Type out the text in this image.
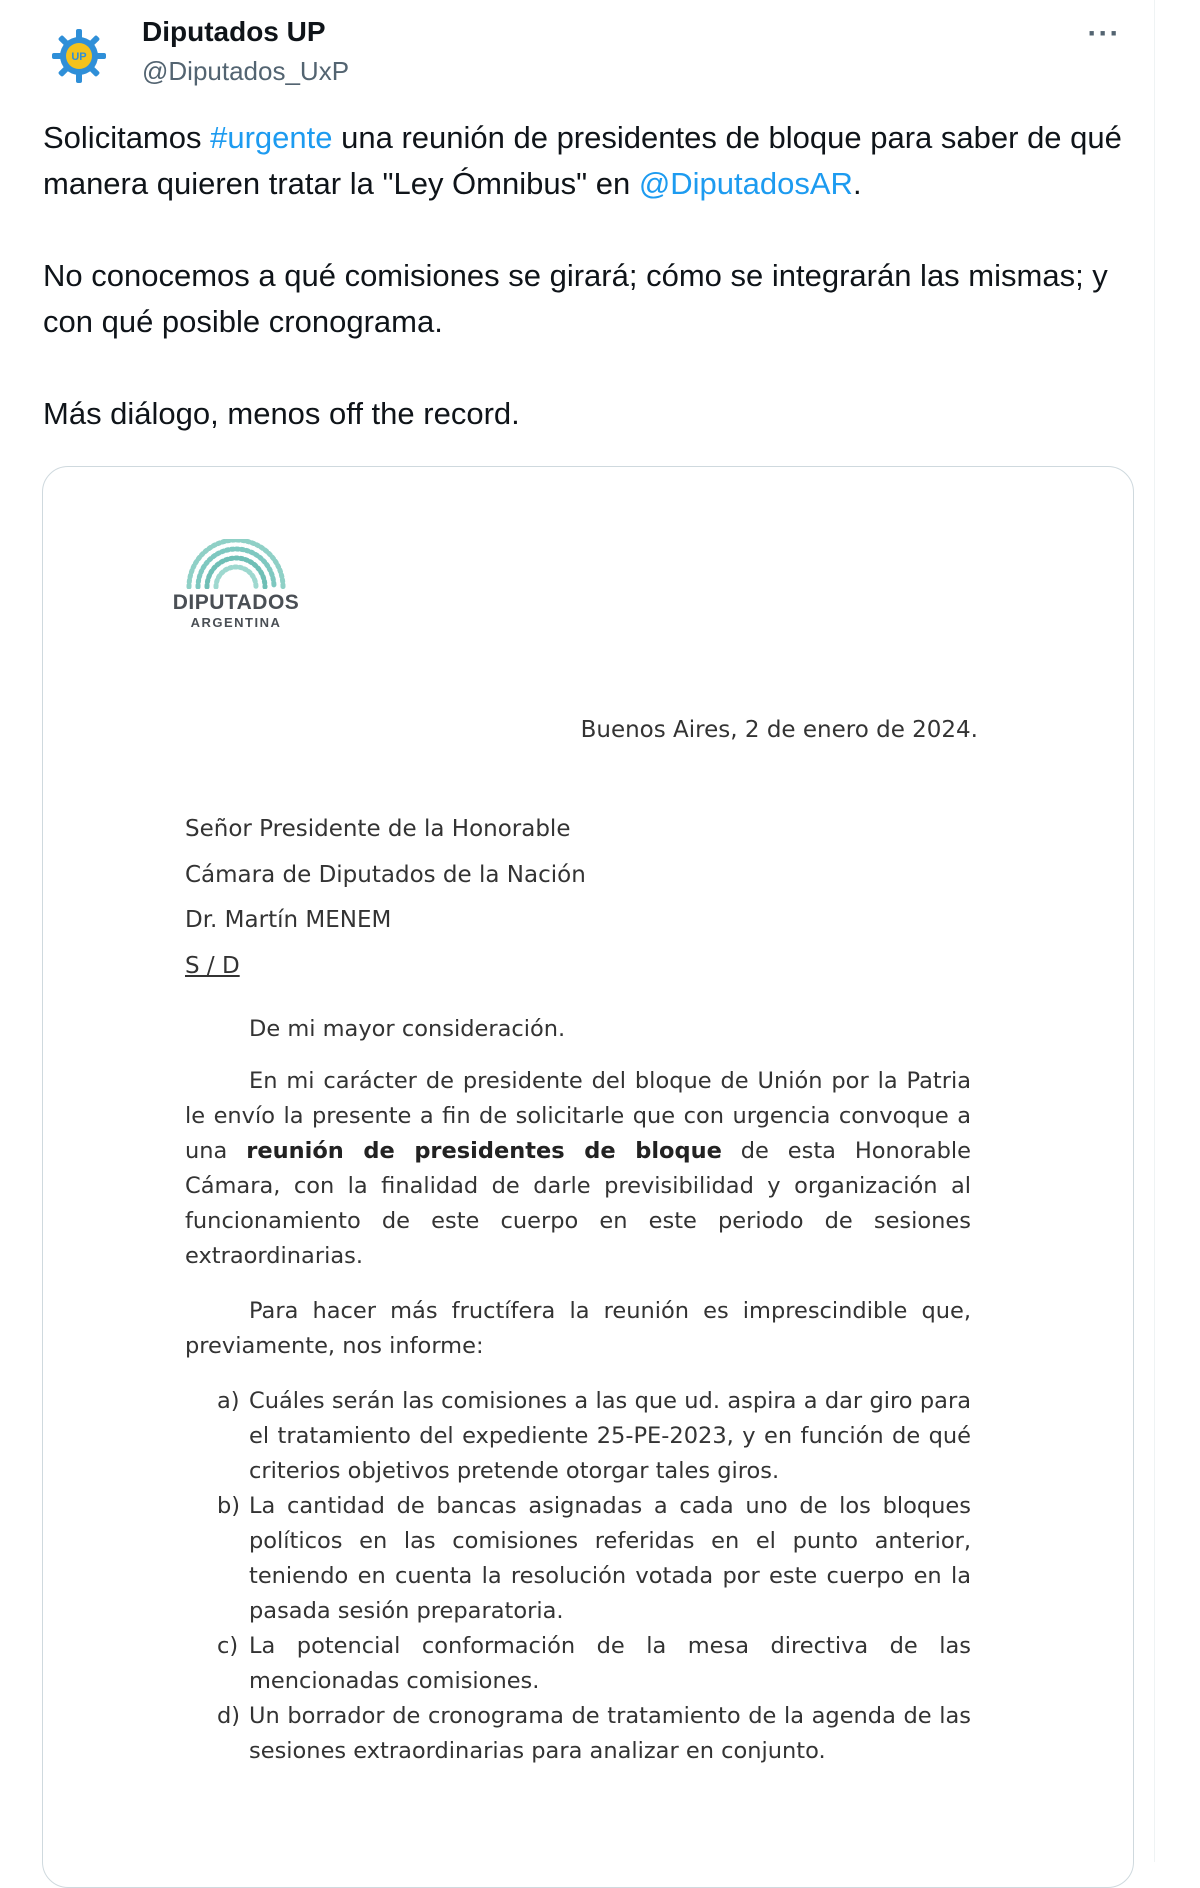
UP
Diputados UP
@Diputados_UxP
···

Solicitamos #urgente una reunión de presidentes de bloque para saber de qué manera quieren tratar la "Ley Ómnibus" en @DiputadosAR.

No conocemos a qué comisiones se girará; cómo se integrarán las mismas; y con qué posible cronograma.

Más diálogo, menos off the record.

DIPUTADOS
ARGENTINA
Buenos Aires, 2 de enero de 2024.
Señor Presidente de la Honorable
Cámara de Diputados de la Nación
Dr. Martín MENEM
S / D

De mi mayor consideración.

En mi carácter de presidente del bloque de Unión por la Patria le envío la presente a fin de solicitarle que con urgencia convoque a una reunión de presidentes de bloque de esta Honorable Cámara, con la finalidad de darle previsibilidad y organización al funcionamiento de este cuerpo en este periodo de sesiones extraordinarias.

Para hacer más fructífera la reunión es imprescindible que, previamente, nos informe:

a) Cuáles serán las comisiones a las que ud. aspira a dar giro para el tratamiento del expediente 25-PE-2023, y en función de qué criterios objetivos pretende otorgar tales giros.
b) La cantidad de bancas asignadas a cada uno de los bloques políticos en las comisiones referidas en el punto anterior, teniendo en cuenta la resolución votada por este cuerpo en la pasada sesión preparatoria.
c) La potencial conformación de la mesa directiva de las mencionadas comisiones.
d) Un borrador de cronograma de tratamiento de la agenda de las sesiones extraordinarias para analizar en conjunto.
